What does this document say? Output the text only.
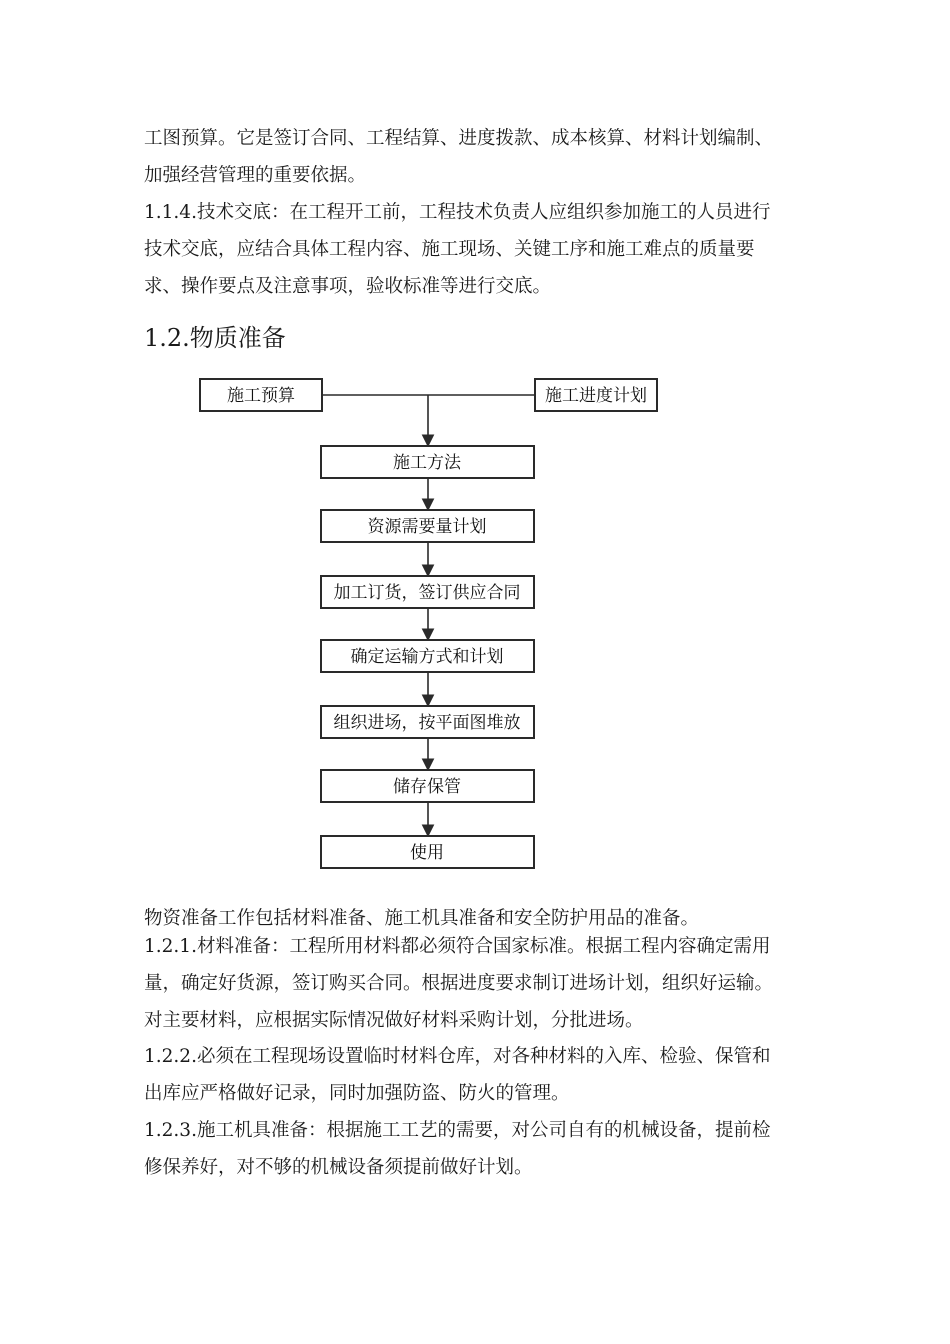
工图预算。它是签订合同、工程结算、进度拨款、成本核算、材料计划编制、
加强经营管理的重要依据。

1.1.4.技术交底：在工程开工前，工程技术负责人应组织参加施工的人员进行
技术交底，应结合具体工程内容、施工现场、关键工序和施工难点的质量要
求、操作要点及注意事项，验收标准等进行交底。

1.2.物质准备
施工预算	施工进度计划
施工方法
资源需要量计划
加工订货，签订供应合同
确定运输方式和计划
组织进场，按平面图堆放
储存保管
使用

物资准备工作包括材料准备、施工机具准备和安全防护用品的准备。

1.2.1.材料准备：工程所用材料都必须符合国家标准。根据工程内容确定需用
量，确定好货源，签订购买合同。根据进度要求制订进场计划，组织好运输。
对主要材料，应根据实际情况做好材料采购计划，分批进场。

1.2.2.必须在工程现场设置临时材料仓库，对各种材料的入库、检验、保管和
出库应严格做好记录，同时加强防盗、防火的管理。

1.2.3.施工机具准备：根据施工工艺的需要，对公司自有的机械设备，提前检
修保养好，对不够的机械设备须提前做好计划。
